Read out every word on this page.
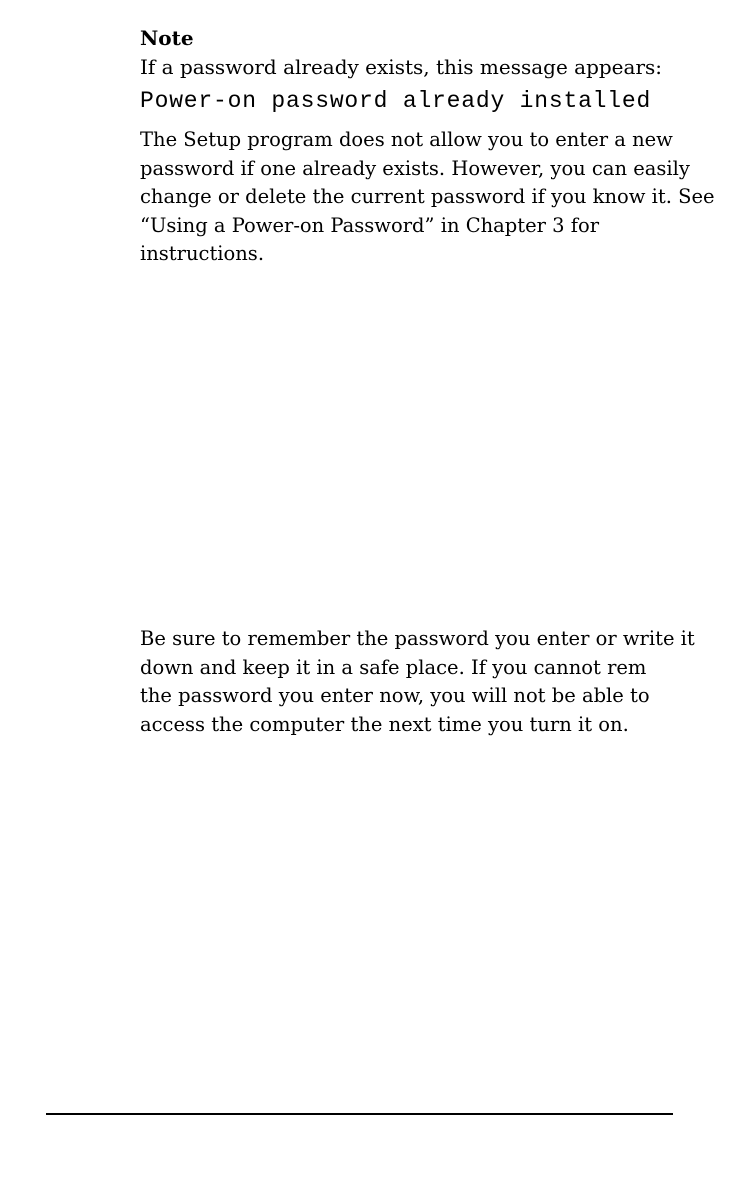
Note

If a password already exists, this message appears:

Power-on password already installed

The Setup program does not allow you to enter a new
password if one already exists. However, you can easily
change or delete the current password if you know it. See
“Using a Power-on Password” in Chapter 3 for
instructions.

Be sure to remember the password you enter or write it
down and keep it in a safe place. If you cannot rem
the password you enter now, you will not be able to
access the computer the next time you turn it on.
